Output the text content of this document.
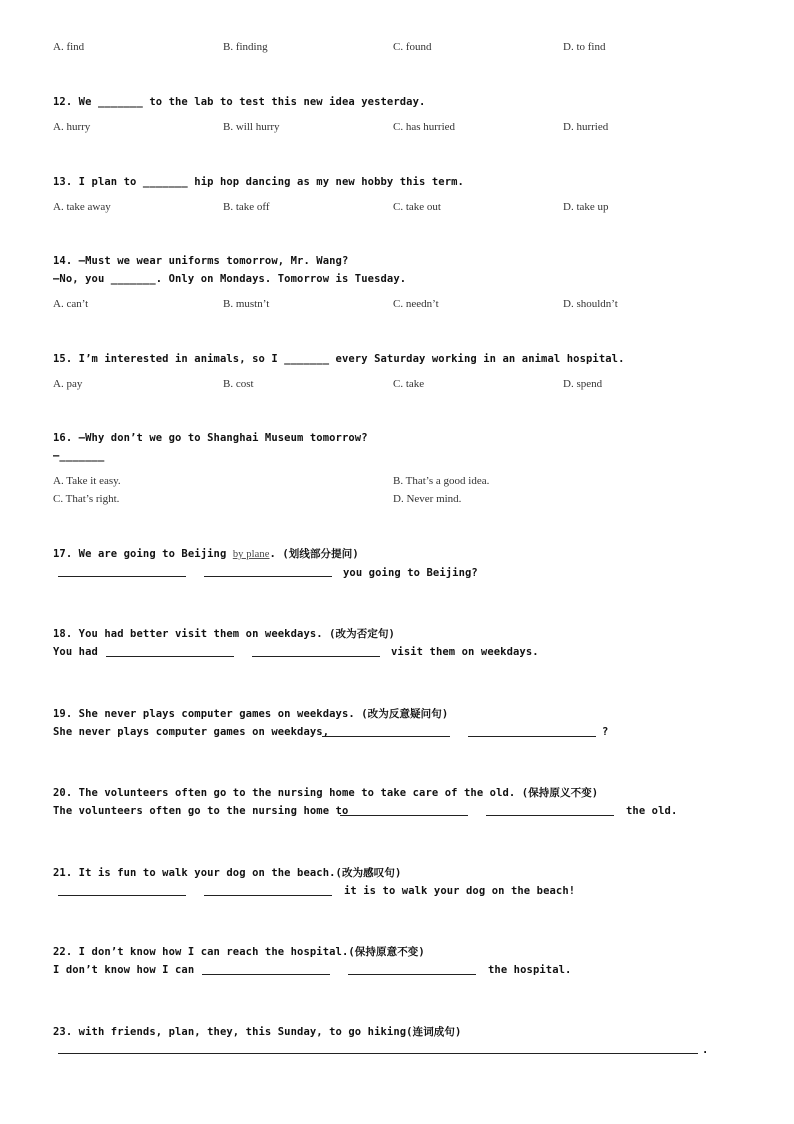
A. find	B. finding	C. found	D. to find
12. We _______ to the lab to test this new idea yesterday.
A. hurry	B. will hurry	C. has hurried	D. hurried
13. I plan to _______ hip hop dancing as my new hobby this term.
A. take away	B. take off	C. take out	D. take up
14. —Must we wear uniforms tomorrow, Mr. Wang?
—No, you _______. Only on Mondays. Tomorrow is Tuesday.
A. can’t	B. mustn’t	C. needn’t	D. shouldn’t
15. I’m interested in animals, so I _______ every Saturday working in an animal hospital.
A. pay	B. cost	C. take	D. spend
16. —Why don’t we go to Shanghai Museum tomorrow?
—_______
A. Take it easy.	B. That’s a good idea.
C. That’s right.	D. Never mind.
17. We are going to Beijing by plane. (划线部分提问)
you going to Beijing?
18. You had better visit them on weekdays. (改为否定句)
You had	visit them on weekdays.
19. She never plays computer games on weekdays. (改为反意疑问句)
She never plays computer games on weekdays,	?
20. The volunteers often go to the nursing home to take care of the old. (保持原义不变)
The volunteers often go to the nursing home to	the old.
21. It is fun to walk your dog on the beach.(改为感叹句)
it is to walk your dog on the beach!
22. I don’t know how I can reach the hospital.(保持原意不变)
I don’t know how I can	the hospital.
23. with friends, plan, they, this Sunday, to go hiking(连词成句)
.
